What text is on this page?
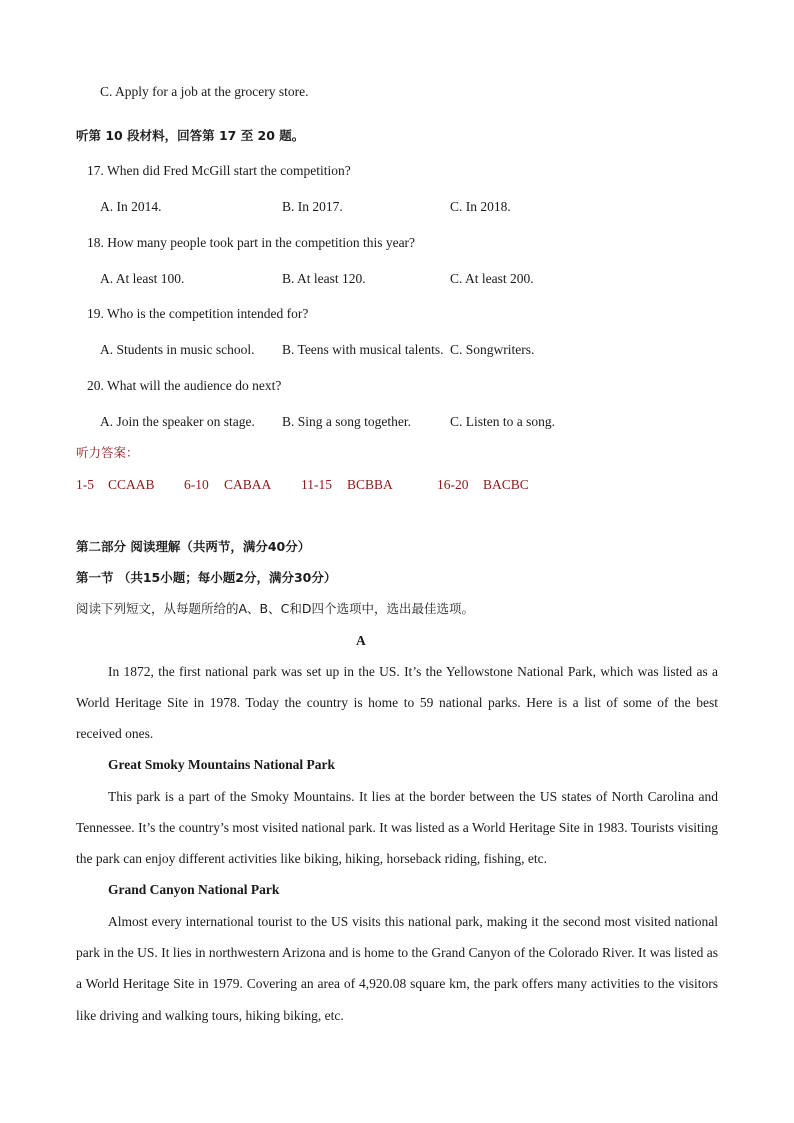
C. Apply for a job at the grocery store.
听第 10 段材料，回答第 17 至 20 题。
17. When did Fred McGill start the competition?
A. In 2014.	B. In 2017.	C. In 2018.
18. How many people took part in the competition this year?
A. At least 100.	B. At least 120.	C. At least 200.
19. Who is the competition intended for?
A. Students in music school. B. Teens with musical talents. C. Songwriters.
20. What will the audience do next?
A. Join the speaker on stage. B. Sing a song together.	C. Listen to a song.
听力答案：
1-5 CCAAB 6-10 CABAA 11-15 BCBBA	16-20 BACBC
第二部分 阅读理解（共两节，满分40分）
第一节 （共15小题；每小题2分，满分30分）
阅读下列短文，从每题所给的A、B、C和D四个选项中，选出最佳选项。
A
In 1872, the first national park was set up in the US. It’s the Yellowstone National Park, which was listed as a World Heritage Site in 1978. Today the country is home to 59 national parks. Here is a list of some of the best received ones.
Great Smoky Mountains National Park
This park is a part of the Smoky Mountains. It lies at the border between the US states of North Carolina and Tennessee. It’s the country’s most visited national park. It was listed as a World Heritage Site in 1983. Tourists visiting the park can enjoy different activities like biking, hiking, horseback riding, fishing, etc.
Grand Canyon National Park
Almost every international tourist to the US visits this national park, making it the second most visited national park in the US. It lies in northwestern Arizona and is home to the Grand Canyon of the Colorado River. It was listed as a World Heritage Site in 1979. Covering an area of 4,920.08 square km, the park offers many activities to the visitors like driving and walking tours, hiking biking, etc.
